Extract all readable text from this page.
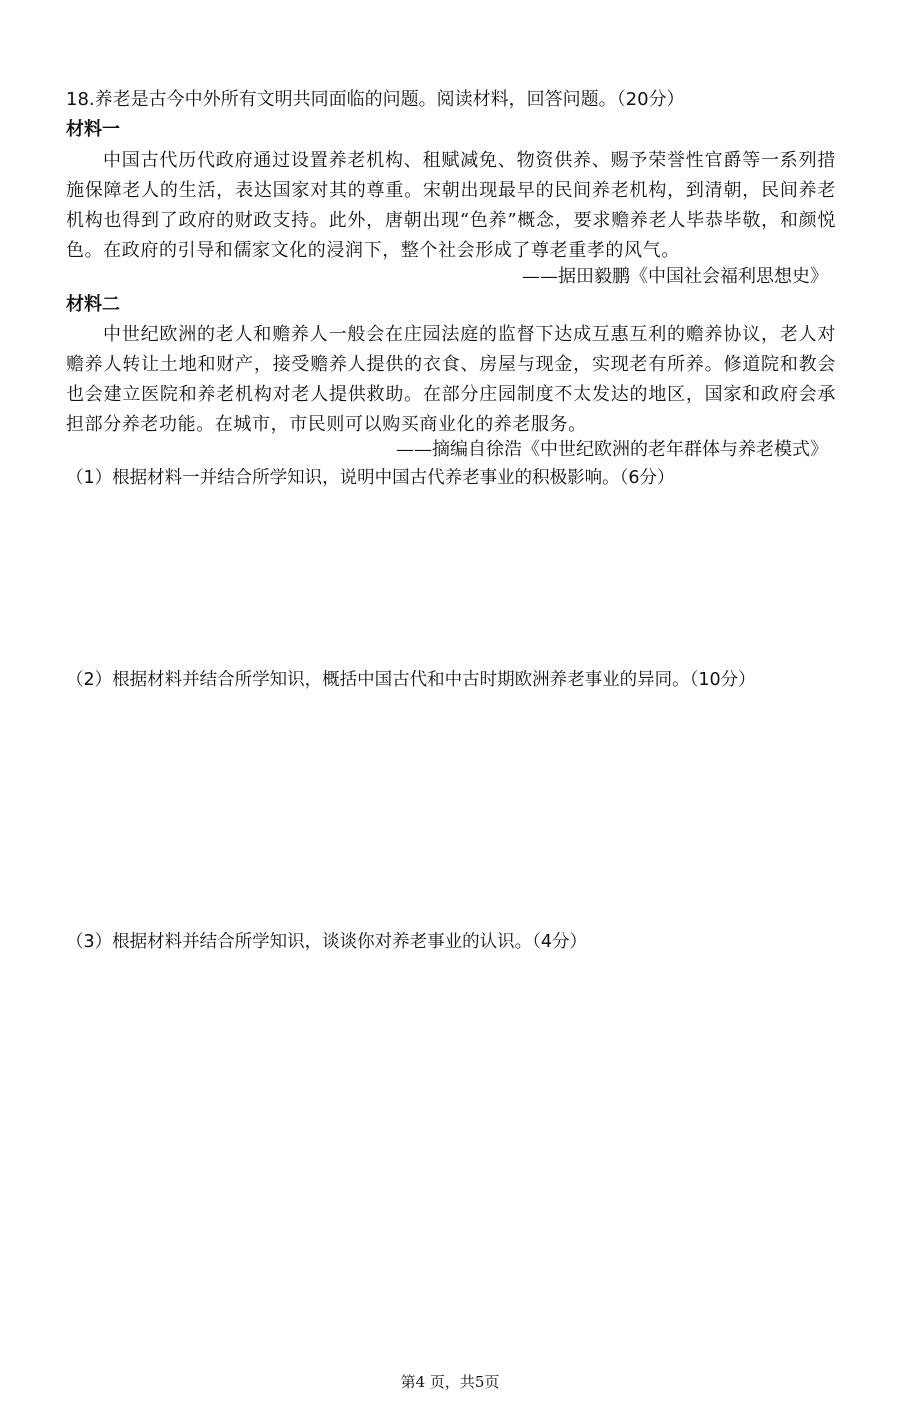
18.养老是古今中外所有文明共同面临的问题。阅读材料，回答问题。（20分）
材料一
中国古代历代政府通过设置养老机构、租赋减免、物资供养、赐予荣誉性官爵等一系列措施保障老人的生活，表达国家对其的尊重。宋朝出现最早的民间养老机构，到清朝，民间养老机构也得到了政府的财政支持。此外，唐朝出现“色养”概念，要求赡养老人毕恭毕敬，和颜悦色。在政府的引导和儒家文化的浸润下，整个社会形成了尊老重孝的风气。
——据田毅鹏《中国社会福利思想史》
材料二
中世纪欧洲的老人和赡养人一般会在庄园法庭的监督下达成互惠互利的赡养协议，老人对赡养人转让土地和财产，接受赡养人提供的衣食、房屋与现金，实现老有所养。修道院和教会也会建立医院和养老机构对老人提供救助。在部分庄园制度不太发达的地区，国家和政府会承担部分养老功能。在城市，市民则可以购买商业化的养老服务。
——摘编自徐浩《中世纪欧洲的老年群体与养老模式》
（1）根据材料一并结合所学知识，说明中国古代养老事业的积极影响。（6分）
（2）根据材料并结合所学知识，概括中国古代和中古时期欧洲养老事业的异同。（10分）
（3）根据材料并结合所学知识，谈谈你对养老事业的认识。（4分）
第4 页，共5页
